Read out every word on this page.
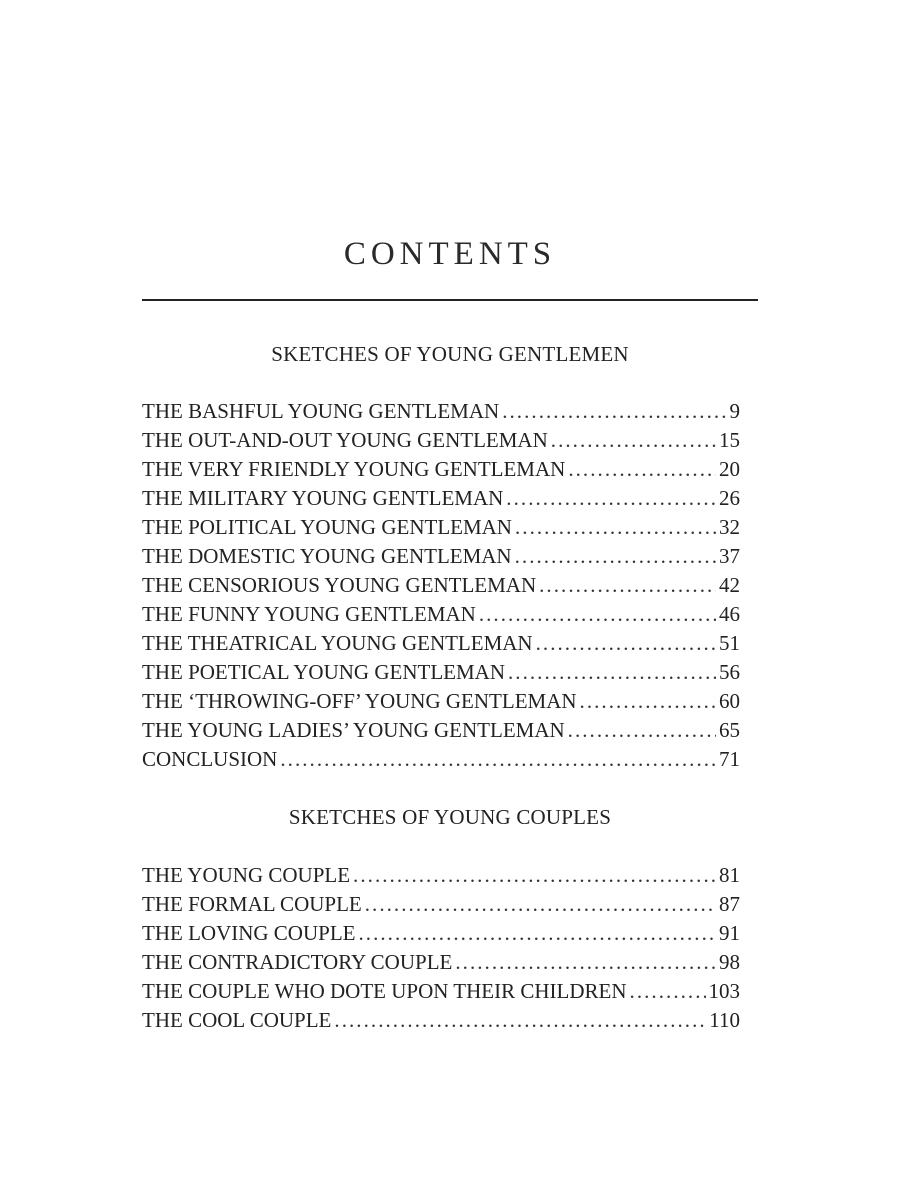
CONTENTS
SKETCHES OF YOUNG GENTLEMEN
THE BASHFUL YOUNG GENTLEMAN . . .	9
THE OUT-AND-OUT YOUNG GENTLEMAN . . .	15
THE VERY FRIENDLY YOUNG GENTLEMAN . . .	20
THE MILITARY YOUNG GENTLEMAN . . .	26
THE POLITICAL YOUNG GENTLEMAN . . .	32
THE DOMESTIC YOUNG GENTLEMAN . . .	37
THE CENSORIOUS YOUNG GENTLEMAN . . .	42
THE FUNNY YOUNG GENTLEMAN . . .	46
THE THEATRICAL YOUNG GENTLEMAN . . .	51
THE POETICAL YOUNG GENTLEMAN . . .	56
THE ‘THROWING-OFF’ YOUNG GENTLEMAN . . .	60
THE YOUNG LADIES’ YOUNG GENTLEMAN . . .	65
CONCLUSION . . .	71
SKETCHES OF YOUNG COUPLES
THE YOUNG COUPLE . . .	81
THE FORMAL COUPLE . . .	87
THE LOVING COUPLE . . .	91
THE CONTRADICTORY COUPLE . . .	98
THE COUPLE WHO DOTE UPON THEIR CHILDREN . . .	103
THE COOL COUPLE . . .	110
